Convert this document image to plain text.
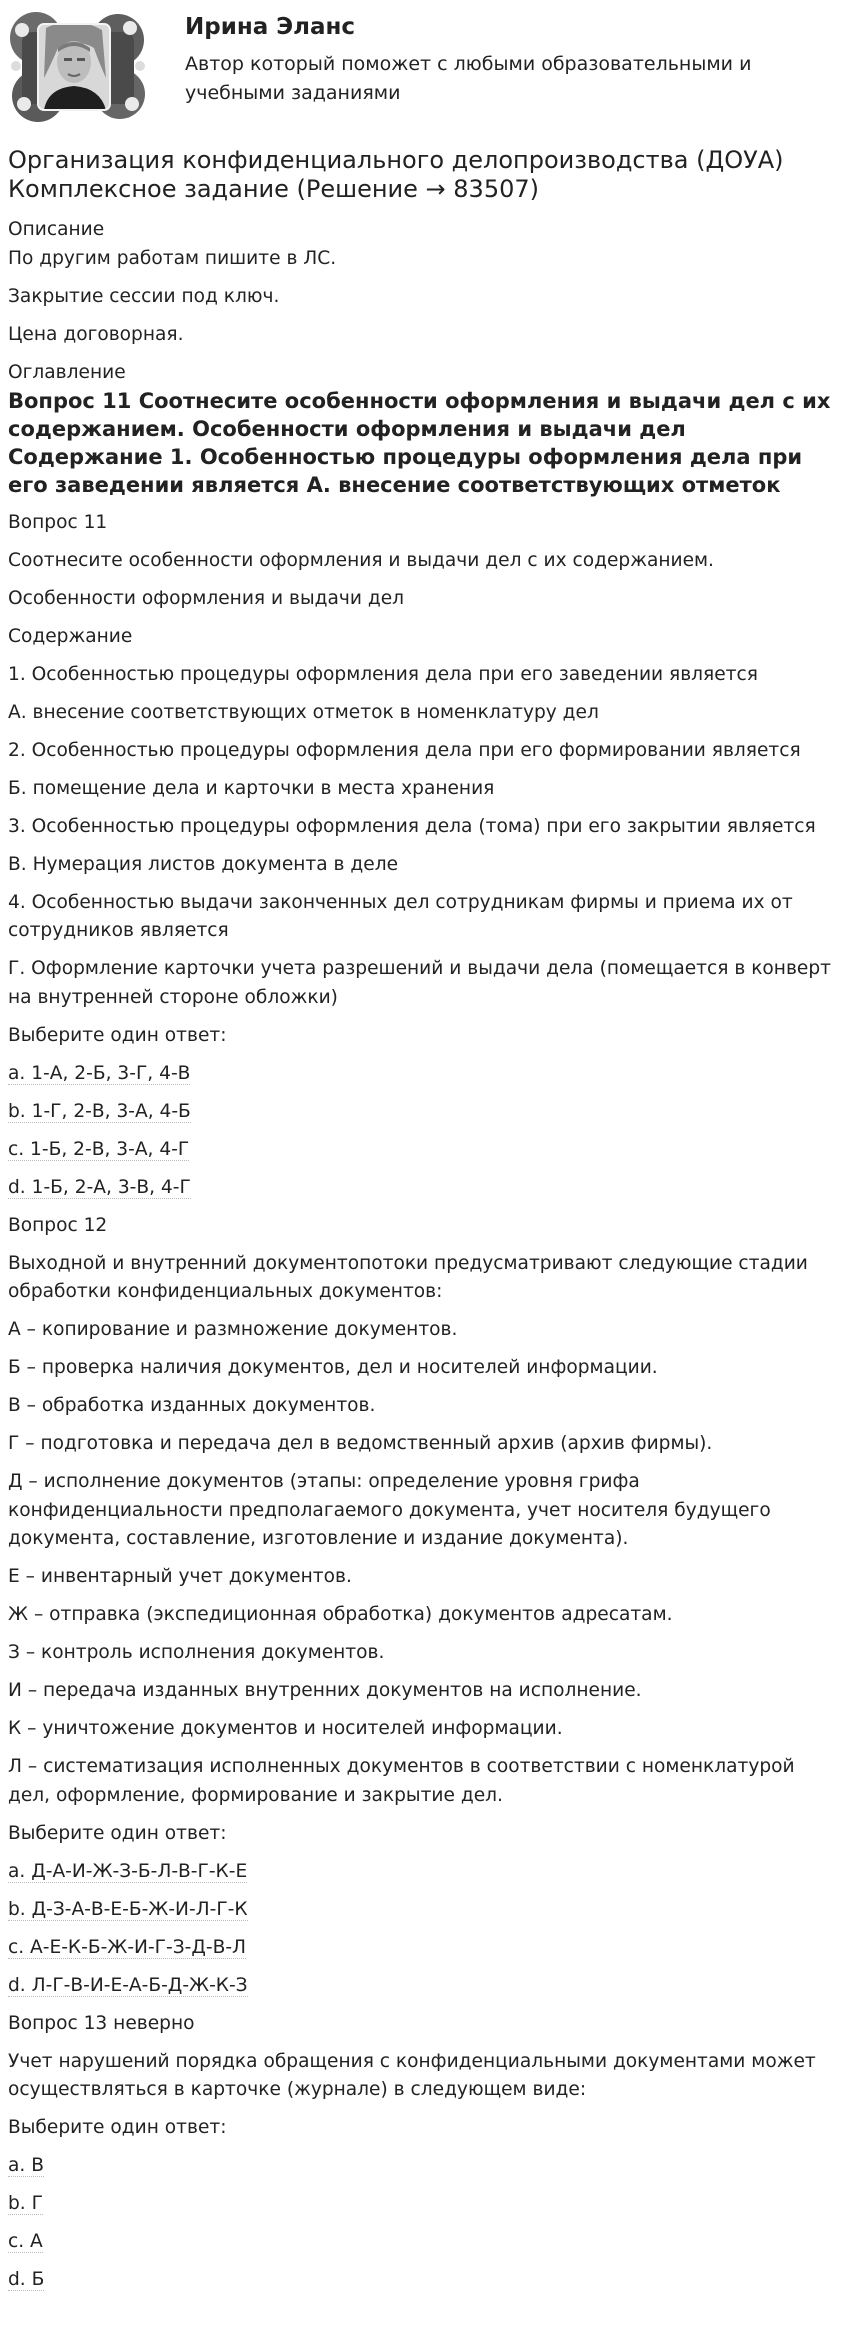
Ирина Эланс
Автор который поможет с любыми образовательными и учебными заданиями
Организация конфиденциального делопроизводства (ДОУА) Комплексное задание (Решение → 83507)

Описание

По другим работам пишите в ЛС.

Закрытие сессии под ключ.

Цена договорная.

Оглавление

Вопрос 11 Соотнесите особенности оформления и выдачи дел с их содержанием. Особенности оформления и выдачи дел Содержание 1. Особенностью процедуры оформления дела при его заведении является А. внесение соответствующих отметок

Вопрос 11

Соотнесите особенности оформления и выдачи дел с их содержанием.

Особенности оформления и выдачи дел

Содержание

1. Особенностью процедуры оформления дела при его заведении является

А. внесение соответствующих отметок в номенклатуру дел

2. Особенностью процедуры оформления дела при его формировании является

Б. помещение дела и карточки в места хранения

3. Особенностью процедуры оформления дела (тома) при его закрытии является

В. Нумерация листов документа в деле

4. Особенностью выдачи законченных дел сотрудникам фирмы и приема их от сотрудников является

Г. Оформление карточки учета разрешений и выдачи дела (помещается в конверт на внутренней стороне обложки)

Выберите один ответ:

a. 1-А, 2-Б, 3-Г, 4-В

b. 1-Г, 2-В, 3-А, 4-Б

c. 1-Б, 2-В, 3-А, 4-Г

d. 1-Б, 2-А, 3-В, 4-Г

Вопрос 12

Выходной и внутренний документопотоки предусматривают следующие стадии обработки конфиденциальных документов:

А – копирование и размножение документов.

Б – проверка наличия документов, дел и носителей информации.

В – обработка изданных документов.

Г – подготовка и передача дел в ведомственный архив (архив фирмы).

Д – исполнение документов (этапы: определение уровня грифа конфиденциальности предполагаемого документа, учет носителя будущего документа, составление, изготовление и издание документа).

Е – инвентарный учет документов.

Ж – отправка (экспедиционная обработка) документов адресатам.

З – контроль исполнения документов.

И – передача изданных внутренних документов на исполнение.

К – уничтожение документов и носителей информации.

Л – систематизация исполненных документов в соответствии с номенклатурой дел, оформление, формирование и закрытие дел.

Выберите один ответ:

a. Д-А-И-Ж-З-Б-Л-В-Г-К-Е

b. Д-З-А-В-Е-Б-Ж-И-Л-Г-К

c. А-Е-К-Б-Ж-И-Г-З-Д-В-Л

d. Л-Г-В-И-Е-А-Б-Д-Ж-К-З

Вопрос 13 неверно

Учет нарушений порядка обращения с конфиденциальными документами может осуществляться в карточке (журнале) в следующем виде:

Выберите один ответ:

a. В

b. Г

c. А

d. Б
